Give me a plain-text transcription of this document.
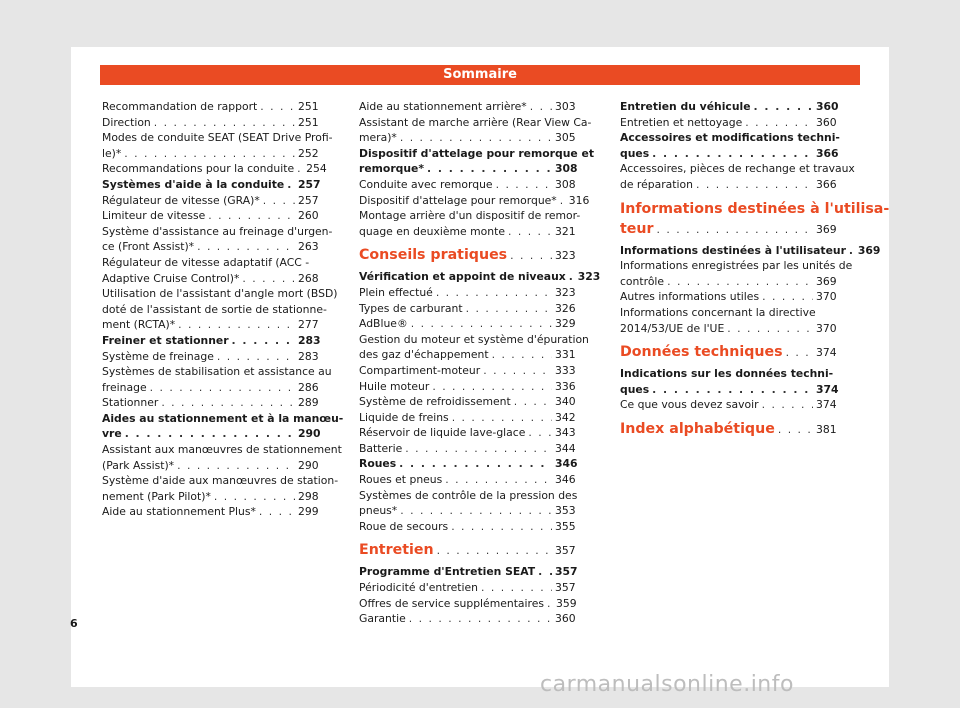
Sommaire
Recommandation de rapport . . .	251
Direction . . .	251
Modes de conduite SEAT (SEAT Drive Profi-
le)* . . .	252
Recommandations pour la conduite . . . 254
Systèmes d'aide à la conduite . . . 257
Régulateur de vitesse (GRA)* . . .	257
Limiteur de vitesse . . .	260
Système d'assistance au freinage d'urgen-
ce (Front Assist)* . . .	263
Régulateur de vitesse adaptatif (ACC -
Adaptive Cruise Control)* . . .	268
Utilisation de l'assistant d'angle mort (BSD)
doté de l'assistant de sortie de stationne-
ment (RCTA)* . . .	277
Freiner et stationner . . .	283
Système de freinage . . .	283
Systèmes de stabilisation et assistance au
freinage . . .	286
Stationner . . .	289
Aides au stationnement et à la manœu-
vre . . .	290
Assistant aux manœuvres de stationnement
(Park Assist)* . . .	290
Système d'aide aux manœuvres de station-
nement (Park Pilot)* . . .	298
Aide au stationnement Plus* . . .	299
Aide au stationnement arrière* . . .	303
Assistant de marche arrière (Rear View Ca-
mera)* . . .	305
Dispositif d'attelage pour remorque et
remorque* . . .	308
Conduite avec remorque . . .	308
Dispositif d'attelage pour remorque* . . . 316
Montage arrière d'un dispositif de remor-
quage en deuxième monte . . .	321
Conseils pratiques . . .	323
Vérification et appoint de niveaux . . . 323
Plein effectué . . .	323
Types de carburant . . .	326
AdBlue® . . .	329
Gestion du moteur et système d'épuration
des gaz d'échappement . . .	331
Compartiment-moteur . . .	333
Huile moteur . . .	336
Système de refroidissement . . .	340
Liquide de freins . . .	342
Réservoir de liquide lave-glace . . .	343
Batterie . . .	344
Roues . . .	346
Roues et pneus . . .	346
Systèmes de contrôle de la pression des
pneus* . . .	353
Roue de secours . . .	355
Entretien . . .	357
Programme d'Entretien SEAT . . . 357
Périodicité d'entretien . . .	357
Offres de service supplémentaires . . . 359
Garantie . . .	360
Entretien du véhicule . . .	360
Entretien et nettoyage . . .	360
Accessoires et modifications techni-
ques . . .	366
Accessoires, pièces de rechange et travaux
de réparation . . .	366
Informations destinées à l'utilisa-
teur . . .	369
Informations destinées à l'utilisateur . . . 369
Informations enregistrées par les unités de
contrôle . . .	369
Autres informations utiles . . .	370
Informations concernant la directive
2014/53/UE de l'UE . . .	370
Données techniques . . .	374
Indications sur les données techni-
ques . . .	374
Ce que vous devez savoir . . .	374
Index alphabétique . . .	381
6
carmanualsonline.info
